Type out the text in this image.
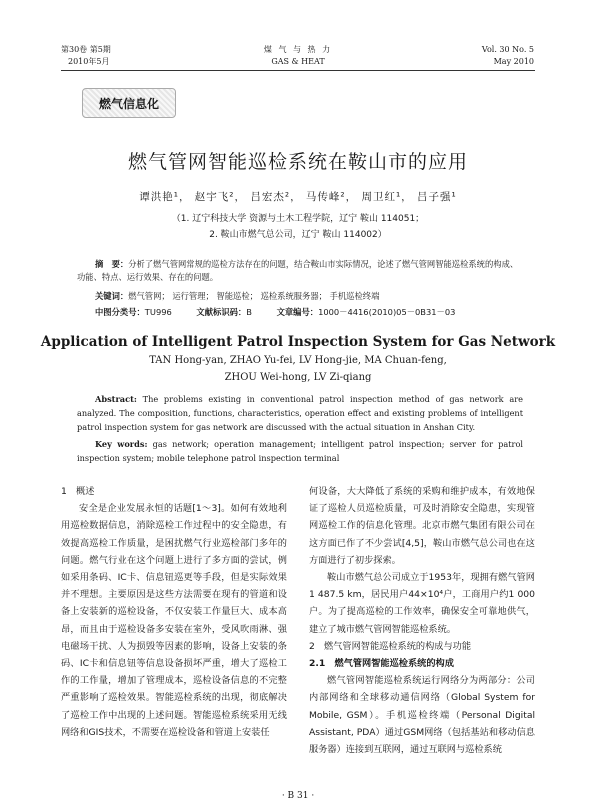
第30卷 第5期
2010年5月
煤 气 与 热 力
GAS & HEAT
Vol. 30 No. 5
May 2010
燃气信息化
燃气管网智能巡检系统在鞍山市的应用
谭洪艳¹， 赵宇飞²， 吕宏杰²， 马传峰²， 周卫红¹， 吕子强¹
（1. 辽宁科技大学 资源与土木工程学院，辽宁 鞍山 114051；
2. 鞍山市燃气总公司，辽宁 鞍山 114002）
摘　要：分析了燃气管网常规的巡检方法存在的问题，结合鞍山市实际情况，论述了燃气管网智能巡检系统的构成、功能、特点、运行效果、存在的问题。
关键词：燃气管网； 运行管理； 智能巡检； 巡检系统服务器； 手机巡检终端
中图分类号：TU996	文献标识码：B	文章编号：1000－4416(2010)05－0B31－03
Application of Intelligent Patrol Inspection System for Gas Network
TAN Hong-yan, ZHAO Yu-fei, LV Hong-jie, MA Chuan-feng,
ZHOU Wei-hong, LV Zi-qiang
Abstract: The problems existing in conventional patrol inspection method of gas network are analyzed. The composition, functions, characteristics, operation effect and existing problems of intelligent patrol inspection system for gas network are discussed with the actual situation in Anshan City.
Key words: gas network; operation management; intelligent patrol inspection; server for patrol inspection system; mobile telephone patrol inspection terminal

1　概述

安全是企业发展永恒的话题[1～3]。如何有效地利用巡检数据信息，消除巡检工作过程中的安全隐患，有效提高巡检工作质量，是困扰燃气行业巡检部门多年的问题。燃气行业在这个问题上进行了多方面的尝试，例如采用条码、IC卡、信息钮巡更等手段，但是实际效果并不理想。主要原因是这些方法需要在现有的管道和设备上安装新的巡检设备，不仅安装工作量巨大、成本高昂，而且由于巡检设备多安装在室外，受风吹雨淋、强电磁场干扰、人为损毁等因素的影响，设备上安装的条码、IC卡和信息钮等信息设备损坏严重，增大了巡检工作的工作量，增加了管理成本，巡检设备信息的不完整严重影响了巡检效果。智能巡检系统的出现，彻底解决了巡检工作中出现的上述问题。智能巡检系统采用无线网络和GIS技术，不需要在巡检设备和管道上安装任

何设备，大大降低了系统的采购和维护成本，有效地保证了巡检人员巡检质量，可及时消除安全隐患，实现管网巡检工作的信息化管理。北京市燃气集团有限公司在这方面已作了不少尝试[4,5]，鞍山市燃气总公司也在这方面进行了初步探索。

鞍山市燃气总公司成立于1953年，现拥有燃气管网1 487.5 km，居民用户44×10⁴户，工商用户约1 000户。为了提高巡检的工作效率，确保安全可靠地供气，建立了城市燃气管网智能巡检系统。

2　燃气管网智能巡检系统的构成与功能

2.1　燃气管网智能巡检系统的构成

燃气管网智能巡检系统运行网络分为两部分：公司内部网络和全球移动通信网络（Global System for Mobile, GSM）。手机巡检终端（Personal Digital Assistant, PDA）通过GSM网络（包括基站和移动信息服务器）连接到互联网，通过互联网与巡检系统

· B 31 ·
